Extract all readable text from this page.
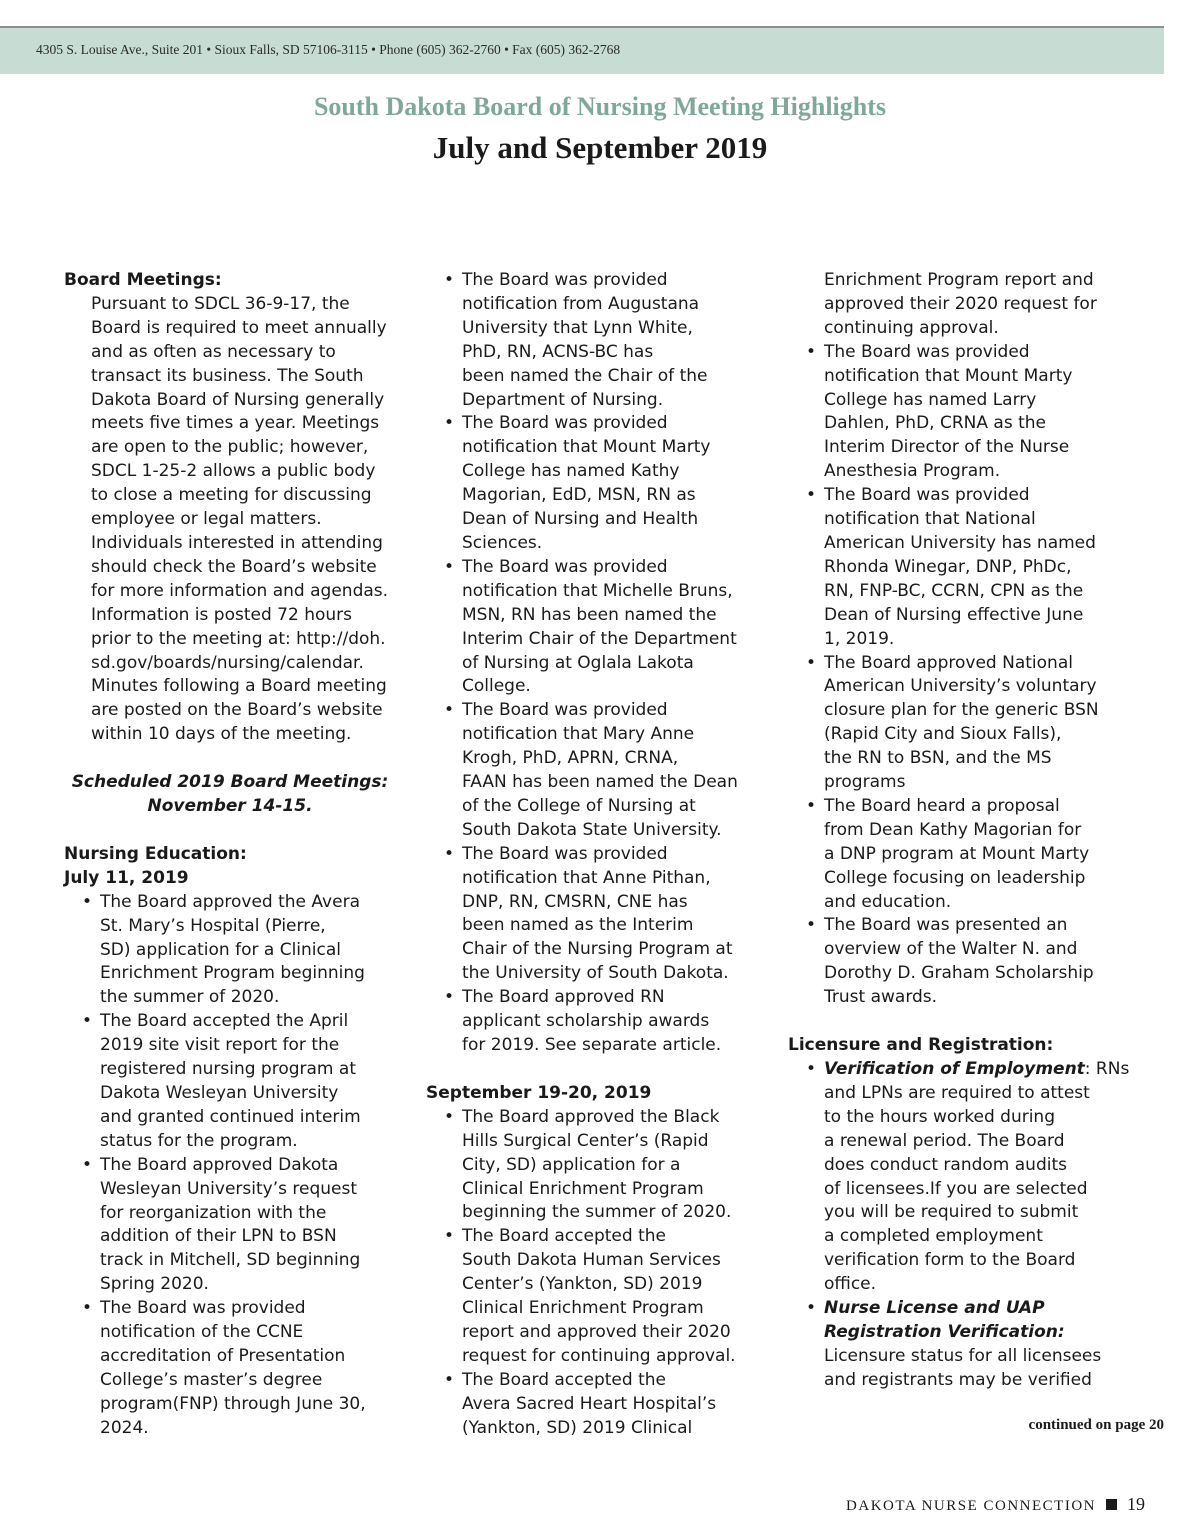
4305 S. Louise Ave., Suite 201 • Sioux Falls, SD 57106-3115 • Phone (605) 362-2760 • Fax (605) 362-2768
South Dakota Board of Nursing Meeting Highlights
July and September 2019
Board Meetings:

Pursuant to SDCL 36-9-17, the
Board is required to meet annually
and as often as necessary to
transact its business. The South
Dakota Board of Nursing generally
meets five times a year. Meetings
are open to the public; however,
SDCL 1-25-2 allows a public body
to close a meeting for discussing
employee or legal matters.
Individuals interested in attending
should check the Board’s website
for more information and agendas.
Information is posted 72 hours
prior to the meeting at: http://doh.
sd.gov/boards/nursing/calendar.
Minutes following a Board meeting
are posted on the Board’s website
within 10 days of the meeting.

Scheduled 2019 Board Meetings:
November 14-15.
Nursing Education:
July 11, 2019
• The Board approved the Avera
St. Mary’s Hospital (Pierre,
SD) application for a Clinical
Enrichment Program beginning
the summer of 2020.
• The Board accepted the April
2019 site visit report for the
registered nursing program at
Dakota Wesleyan University
and granted continued interim
status for the program.
• The Board approved Dakota
Wesleyan University’s request
for reorganization with the
addition of their LPN to BSN
track in Mitchell, SD beginning
Spring 2020.
• The Board was provided
notification of the CCNE
accreditation of Presentation
College’s master’s degree
program(FNP) through June 30,
2024.
• The Board was provided
notification from Augustana
University that Lynn White,
PhD, RN, ACNS-BC has
been named the Chair of the
Department of Nursing.
• The Board was provided
notification that Mount Marty
College has named Kathy
Magorian, EdD, MSN, RN as
Dean of Nursing and Health
Sciences.
• The Board was provided
notification that Michelle Bruns,
MSN, RN has been named the
Interim Chair of the Department
of Nursing at Oglala Lakota
College.
• The Board was provided
notification that Mary Anne
Krogh, PhD, APRN, CRNA,
FAAN has been named the Dean
of the College of Nursing at
South Dakota State University.
• The Board was provided
notification that Anne Pithan,
DNP, RN, CMSRN, CNE has
been named as the Interim
Chair of the Nursing Program at
the University of South Dakota.
• The Board approved RN
applicant scholarship awards
for 2019. See separate article.
September 19-20, 2019
• The Board approved the Black
Hills Surgical Center’s (Rapid
City, SD) application for a
Clinical Enrichment Program
beginning the summer of 2020.
• The Board accepted the
South Dakota Human Services
Center’s (Yankton, SD) 2019
Clinical Enrichment Program
report and approved their 2020
request for continuing approval.
• The Board accepted the
Avera Sacred Heart Hospital’s
(Yankton, SD) 2019 Clinical
Enrichment Program report and
approved their 2020 request for
continuing approval.
• The Board was provided
notification that Mount Marty
College has named Larry
Dahlen, PhD, CRNA as the
Interim Director of the Nurse
Anesthesia Program.
• The Board was provided
notification that National
American University has named
Rhonda Winegar, DNP, PhDc,
RN, FNP-BC, CCRN, CPN as the
Dean of Nursing effective June
1, 2019.
• The Board approved National
American University’s voluntary
closure plan for the generic BSN
(Rapid City and Sioux Falls),
the RN to BSN, and the MS
programs
• The Board heard a proposal
from Dean Kathy Magorian for
a DNP program at Mount Marty
College focusing on leadership
and education.
• The Board was presented an
overview of the Walter N. and
Dorothy D. Graham Scholarship
Trust awards.
Licensure and Registration:
• Verification of Employment: RNs
and LPNs are required to attest
to the hours worked during
a renewal period. The Board
does conduct random audits
of licensees.If you are selected
you will be required to submit
a completed employment
verification form to the Board
office.
• Nurse License and UAP
Registration Verification:
Licensure status for all licensees
and registrants may be verified
continued on page 20
DAKOTA NURSE CONNECTION 19
